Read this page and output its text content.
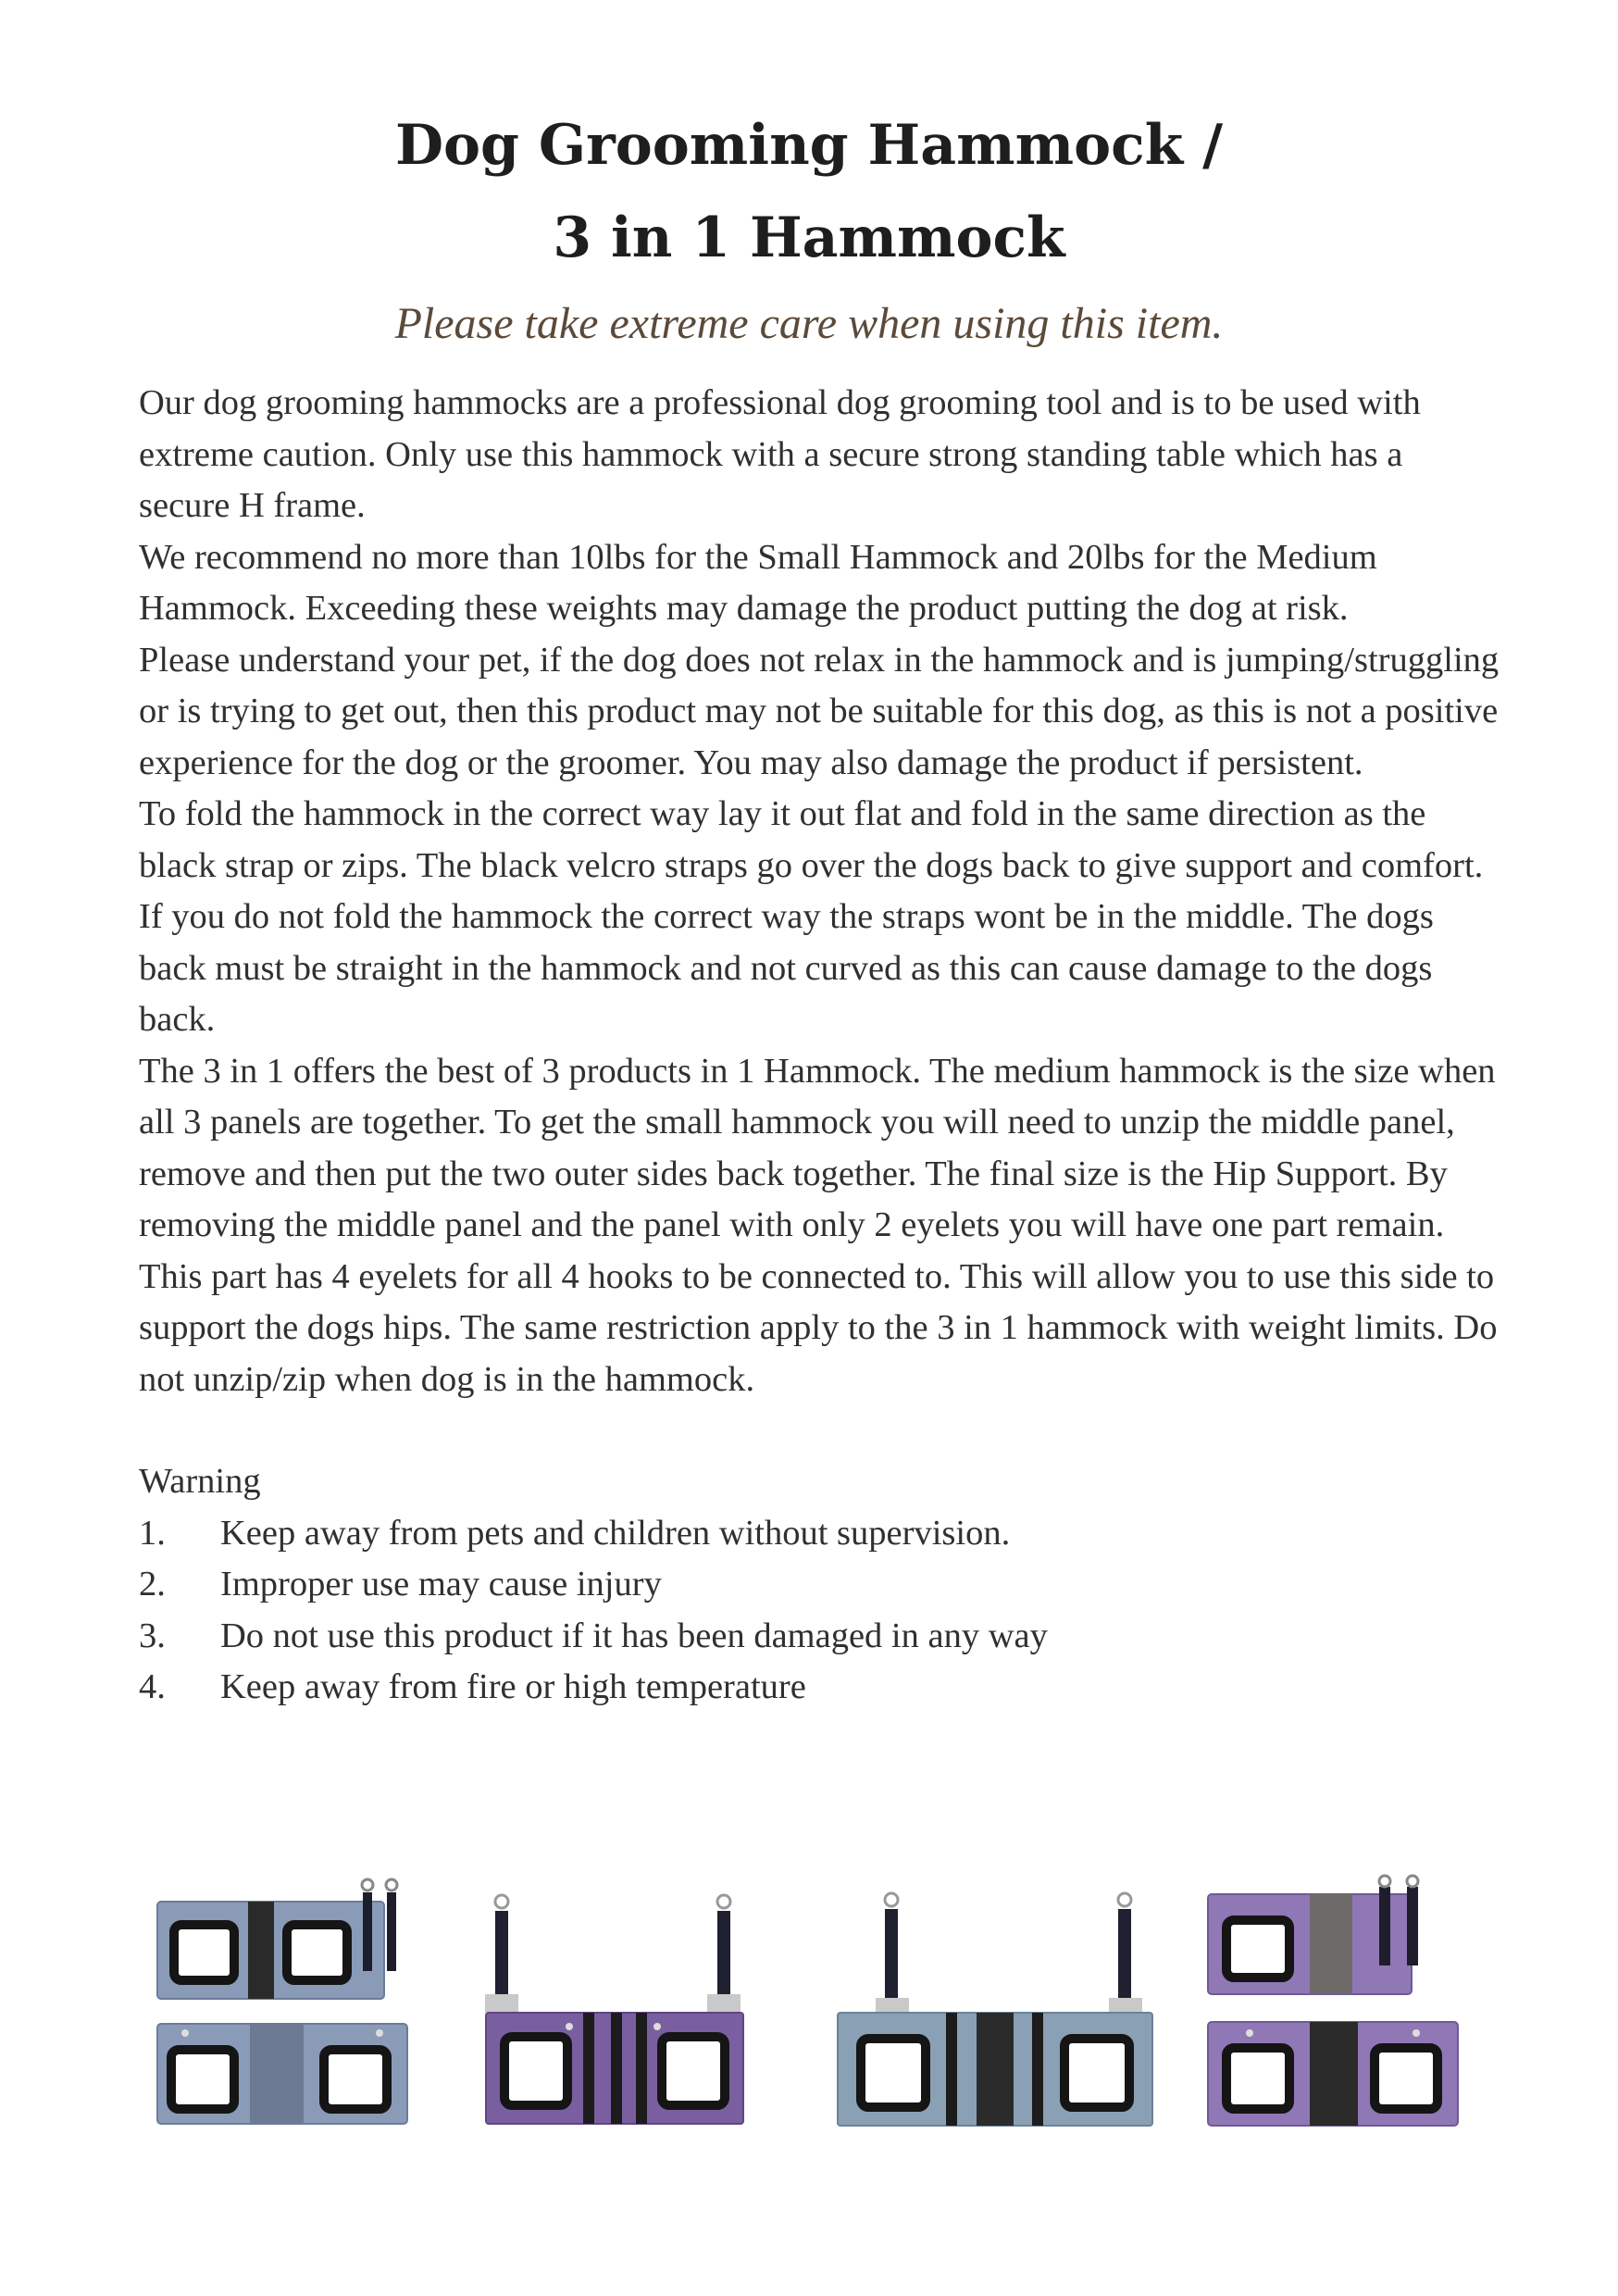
Dog Grooming Hammock /
3 in 1 Hammock
Please take extreme care when using this item.

Our dog grooming hammocks are a professional dog grooming tool and is to be used with extreme caution. Only use this hammock with a secure strong standing table which has a secure H frame.

We recommend no more than 10lbs for the Small Hammock and 20lbs for the Medium Hammock. Exceeding these weights may damage the product putting the dog at risk.

Please understand your pet, if the dog does not relax in the hammock and is jumping/struggling or is trying to get out, then this product may not be suitable for this dog, as this is not a positive experience for the dog or the groomer. You may also damage the product if persistent.

To fold the hammock in the correct way lay it out flat and fold in the same direction as the black strap or zips. The black velcro straps go over the dogs back to give support and comfort. If you do not fold the hammock the correct way the straps wont be in the middle. The dogs back must be straight in the hammock and not curved as this can cause damage to the dogs back.

The 3 in 1 offers the best of 3 products in 1 Hammock. The medium hammock is the size when all 3 panels are together. To get the small hammock you will need to unzip the middle panel, remove and then put the two outer sides back together. The final size is the Hip Support. By removing the middle panel and the panel with only 2 eyelets you will have one part remain. This part has 4 eyelets for all 4 hooks to be connected to. This will allow you to use this side to support the dogs hips. The same restriction apply to the 3 in 1 hammock with weight limits. Do not unzip/zip when dog is in the hammock.

Warning

1.	Keep away from pets and children without supervision.
2.	Improper use may cause injury
3.	Do not use this product if it has been damaged in any way
4.	Keep away from fire or high temperature
